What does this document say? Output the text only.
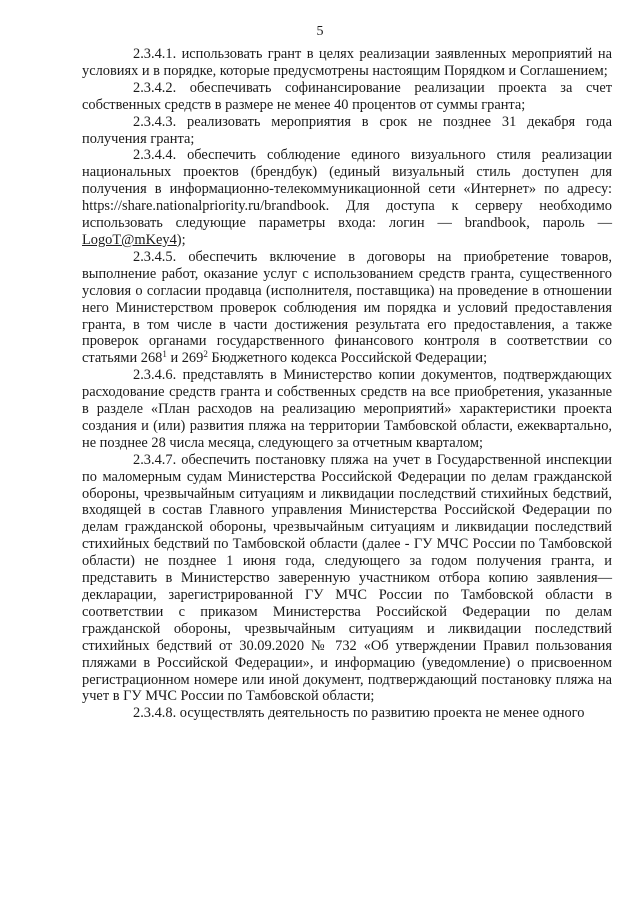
5

2.3.4.1. использовать грант в целях реализации заявленных мероприятий на условиях и в порядке, которые предусмотрены настоящим Порядком и Соглашением;

2.3.4.2. обеспечивать софинансирование реализации проекта за счет собственных средств в размере не менее 40 процентов от суммы гранта;

2.3.4.3. реализовать мероприятия в срок не позднее 31 декабря года получения гранта;

2.3.4.4. обеспечить соблюдение единого визуального стиля реализации национальных проектов (брендбук) (единый визуальный стиль доступен для получения в информационно-телекоммуникационной сети «Интернет» по адресу: https://share.nationalpriority.ru/brandbook. Для доступа к серверу необходимо использовать следующие параметры входа: логин — brandbook, пароль — LogoT@mKey4);

2.3.4.5. обеспечить включение в договоры на приобретение товаров, выполнение работ, оказание услуг с использованием средств гранта, существенного условия о согласии продавца (исполнителя, поставщика) на проведение в отношении него Министерством проверок соблюдения им порядка и условий предоставления гранта, в том числе в части достижения результата его предоставления, а также проверок органами государственного финансового контроля в соответствии со статьями $268^1$ и $269^2$ Бюджетного кодекса Российской Федерации;

2.3.4.6. представлять в Министерство копии документов, подтверждающих расходование средств гранта и собственных средств на все приобретения, указанные в разделе «План расходов на реализацию мероприятий» характеристики проекта создания и (или) развития пляжа на территории Тамбовской области, ежеквартально, не позднее 28 числа месяца, следующего за отчетным кварталом;

2.3.4.7. обеспечить постановку пляжа на учет в Государственной инспекции по маломерным судам Министерства Российской Федерации по делам гражданской обороны, чрезвычайным ситуациям и ликвидации последствий стихийных бедствий, входящей в состав Главного управления Министерства Российской Федерации по делам гражданской обороны, чрезвычайным ситуациям и ликвидации последствий стихийных бедствий по Тамбовской области (далее - ГУ МЧС России по Тамбовской области) не позднее 1 июня года, следующего за годом получения гранта, и представить в Министерство заверенную участником отбора копию заявления—декларации, зарегистрированной ГУ МЧС России по Тамбовской области в соответствии с приказом Министерства Российской Федерации по делам гражданской обороны, чрезвычайным ситуациям и ликвидации последствий стихийных бедствий от 30.09.2020 № 732 «Об утверждении Правил пользования пляжами в Российской Федерации», и информацию (уведомление) о присвоенном регистрационном номере или иной документ, подтверждающий постановку пляжа на учет в ГУ МЧС России по Тамбовской области;

2.3.4.8. осуществлять деятельность по развитию проекта не менее одного
